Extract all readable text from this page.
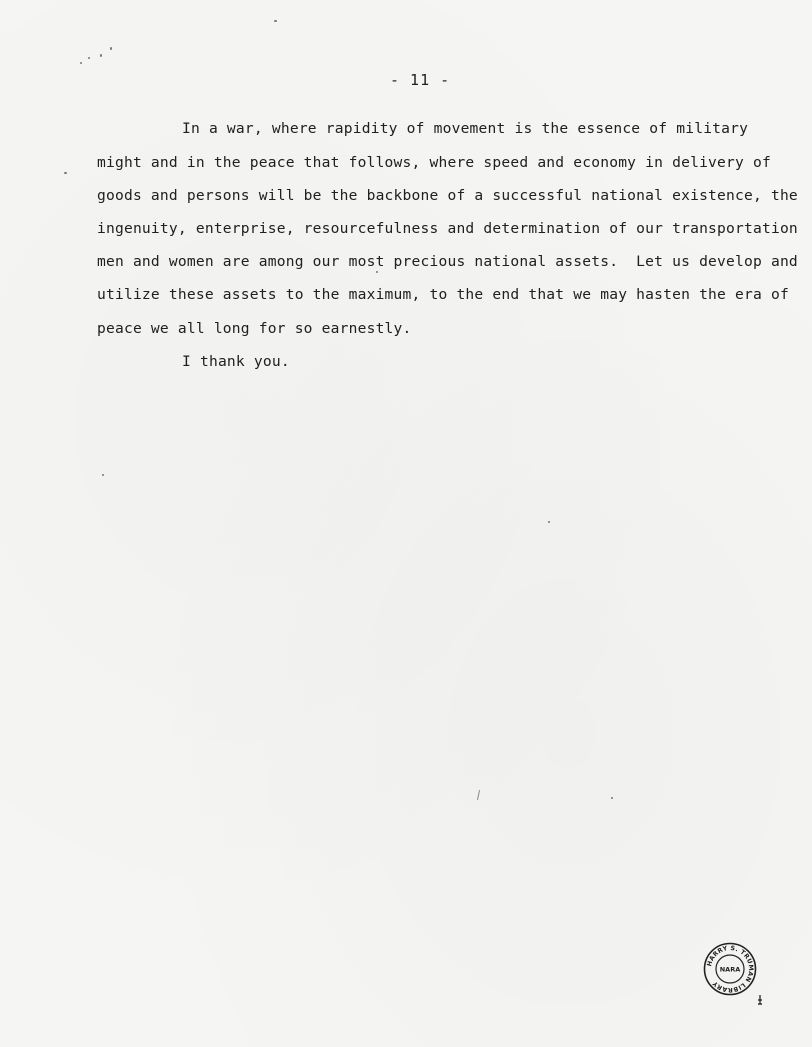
- 11 -
In a war, where rapidity of movement is the essence of military
might and in the peace that follows, where speed and economy in delivery of
goods and persons will be the backbone of a successful national existence, the
ingenuity, enterprise, resourcefulness and determination of our transportation
men and women are among our most precious national assets.  Let us develop and
utilize these assets to the maximum, to the end that we may hasten the era of
peace we all long for so earnestly.
I thank you.
HARRY S. TRUMAN LIBRARY
NARA
